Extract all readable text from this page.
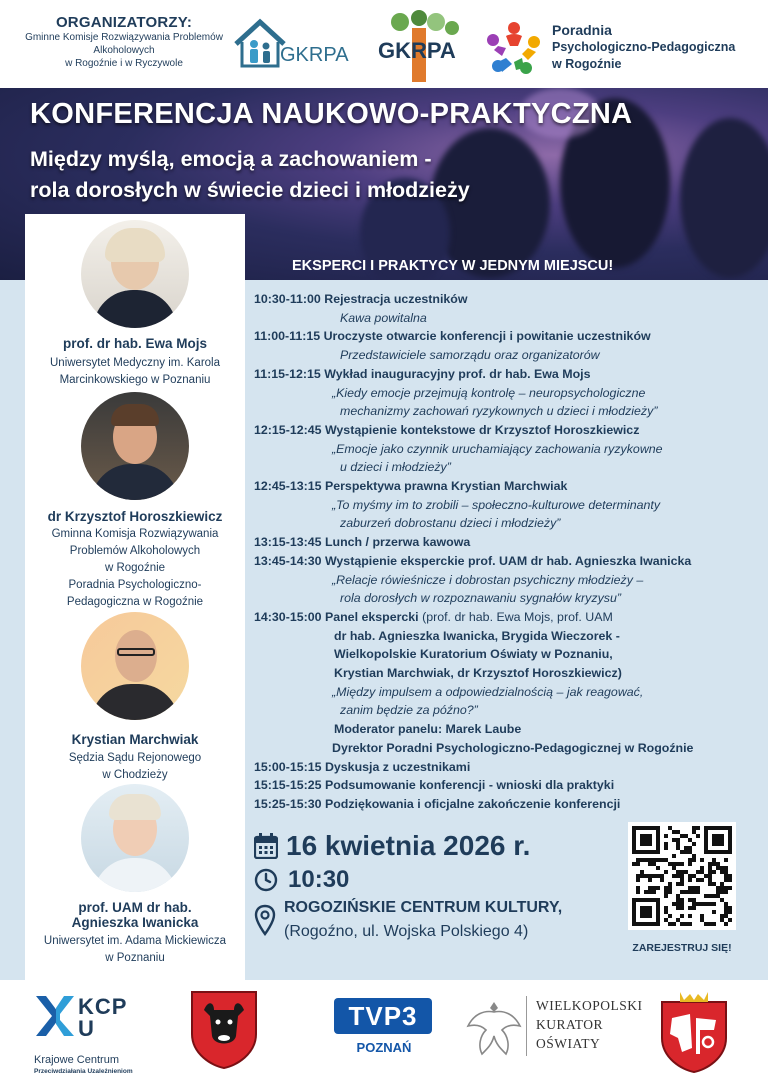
ORGANIZATORZY:
Gminne Komisje Rozwiązywania Problemów
Alkoholowych
w Rogoźnie i w Ryczywole	GKRPA GKRPA
Poradnia
Psychologiczno-Pedagogiczna
w Rogoźnie
KONFERENCJA NAUKOWO-PRAKTYCZNA
Między myślą, emocją a zachowaniem -
rola dorosłych w świecie dzieci i młodzieży
EKSPERCI I PRAKTYCY W JEDNYM MIEJSCU!
prof. dr hab. Ewa Mojs
Uniwersytet Medyczny im. Karola
Marcinkowskiego w Poznaniu
dr Krzysztof Horoszkiewicz
Gminna Komisja Rozwiązywania
Problemów Alkoholowych
w Rogoźnie
Poradnia Psychologiczno-
Pedagogiczna w Rogoźnie
Krystian Marchwiak
Sędzia Sądu Rejonowego
w Chodzieży
prof. UAM dr hab.
Agnieszka Iwanicka
Uniwersytet im. Adama Mickiewicza
w Poznaniu
10:30-11:00 Rejestracja uczestników
Kawa powitalna
11:00-11:15 Uroczyste otwarcie konferencji i powitanie uczestników
Przedstawiciele samorządu oraz organizatorów
11:15-12:15 Wykład inauguracyjny prof. dr hab. Ewa Mojs
„Kiedy emocje przejmują kontrolę – neuropsychologiczne
mechanizmy zachowań ryzykownych u dzieci i młodzieży”
12:15-12:45 Wystąpienie kontekstowe dr Krzysztof Horoszkiewicz
„Emocje jako czynnik uruchamiający zachowania ryzykowne
u dzieci i młodzieży”
12:45-13:15 Perspektywa prawna Krystian Marchwiak
„To myśmy im to zrobili – społeczno-kulturowe determinanty
zaburzeń dobrostanu dzieci i młodzieży”
13:15-13:45 Lunch / przerwa kawowa
13:45-14:30 Wystąpienie eksperckie prof. UAM dr hab. Agnieszka Iwanicka
„Relacje rówieśnicze i dobrostan psychiczny młodzieży –
rola dorosłych w rozpoznawaniu sygnałów kryzysu”
14:30-15:00 Panel ekspercki (prof. dr hab. Ewa Mojs, prof. UAM
dr hab. Agnieszka Iwanicka, Brygida Wieczorek -
Wielkopolskie Kuratorium Oświaty w Poznaniu,
Krystian Marchwiak, dr Krzysztof Horoszkiewicz)
„Między impulsem a odpowiedzialnością – jak reagować,
zanim będzie za późno?”
Moderator panelu: Marek Laube
Dyrektor Poradni Psychologiczno-Pedagogicznej w Rogoźnie
15:00-15:15 Dyskusja z uczestnikami
15:15-15:25 Podsumowanie konferencji - wnioski dla praktyki
15:25-15:30 Podziękowania i oficjalne zakończenie konferencji
16 kwietnia 2026 r.
10:30
ROGOZIŃSKIE CENTRUM KULTURY,
(Rogoźno, ul. Wojska Polskiego 4)
ZAREJESTRUJ SIĘ!
KCPU
Krajowe Centrum
Przeciwdziałania Uzależnieniom
TVP3
POZNAŃ
WIELKOPOLSKI
KURATOR
OŚWIATY
